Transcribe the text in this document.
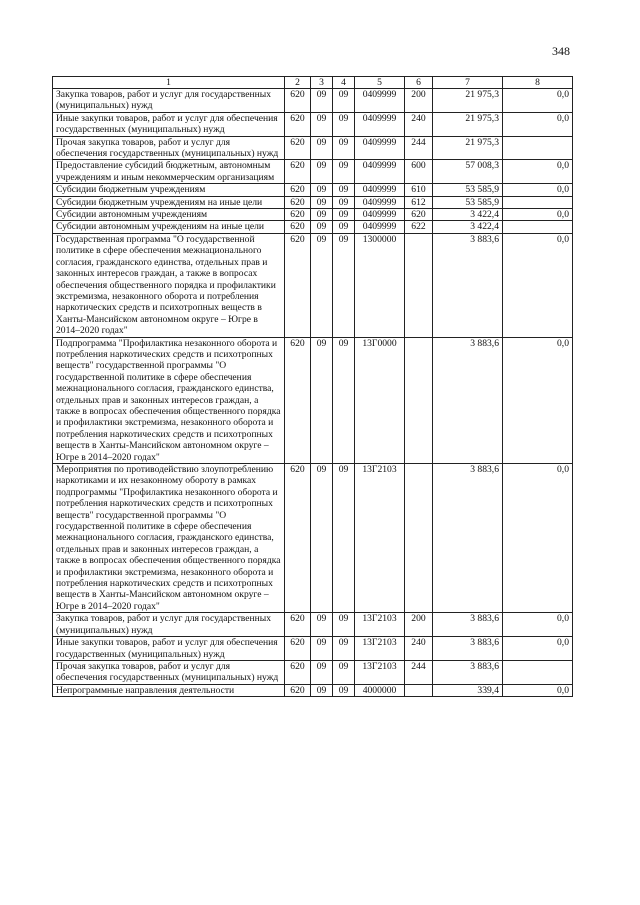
348
1	2	3	4	5	6	7	8
Закупка товаров, работ и услуг для государственных (муниципальных) нужд	620	09	09	0409999	200	21 975,3	0,0
Иные закупки товаров, работ и услуг для обеспечения государственных (муниципальных) нужд	620	09	09	0409999	240	21 975,3	0,0
Прочая закупка товаров, работ и услуг для обеспечения государственных (муниципальных) нужд	620	09	09	0409999	244	21 975,3	
Предоставление субсидий бюджетным, автономным учреждениям и иным некоммерческим организациям	620	09	09	0409999	600	57 008,3	0,0
Субсидии бюджетным учреждениям	620	09	09	0409999	610	53 585,9	0,0
Субсидии бюджетным учреждениям на иные цели	620	09	09	0409999	612	53 585,9	
Субсидии автономным учреждениям	620	09	09	0409999	620	3 422,4	0,0
Субсидии автономным учреждениям на иные цели	620	09	09	0409999	622	3 422,4	
Государственная программа "О государственной политике в сфере обеспечения межнационального согласия, гражданского единства, отдельных прав и законных интересов граждан, а также в вопросах обеспечения общественного порядка и профилактики экстремизма, незаконного оборота и потребления наркотических средств и психотропных веществ в Ханты-Мансийском автономном округе – Югре в 2014–2020 годах"	620	09	09	1300000		3 883,6	0,0
Подпрограмма "Профилактика незаконного оборота и потребления наркотических средств и психотропных веществ" государственной программы "О государственной политике в сфере обеспечения межнационального согласия, гражданского единства, отдельных прав и законных интересов граждан, а также в вопросах обеспечения общественного порядка и профилактики экстремизма, незаконного оборота и потребления наркотических средств и психотропных веществ в Ханты-Мансийском автономном округе – Югре в 2014–2020 годах"	620	09	09	13Г0000		3 883,6	0,0
Мероприятия по противодействию злоупотреблению наркотиками и их незаконному обороту в рамках подпрограммы "Профилактика незаконного оборота и потребления наркотических средств и психотропных веществ" государственной программы "О государственной политике в сфере обеспечения межнационального согласия, гражданского единства, отдельных прав и законных интересов граждан, а также в вопросах обеспечения общественного порядка и профилактики экстремизма, незаконного оборота и потребления наркотических средств и психотропных веществ в Ханты-Мансийском автономном округе – Югре в 2014–2020 годах"	620	09	09	13Г2103		3 883,6	0,0
Закупка товаров, работ и услуг для государственных (муниципальных) нужд	620	09	09	13Г2103	200	3 883,6	0,0
Иные закупки товаров, работ и услуг для обеспечения государственных (муниципальных) нужд	620	09	09	13Г2103	240	3 883,6	0,0
Прочая закупка товаров, работ и услуг для обеспечения государственных (муниципальных) нужд	620	09	09	13Г2103	244	3 883,6	
Непрограммные направления деятельности	620	09	09	4000000		339,4	0,0
